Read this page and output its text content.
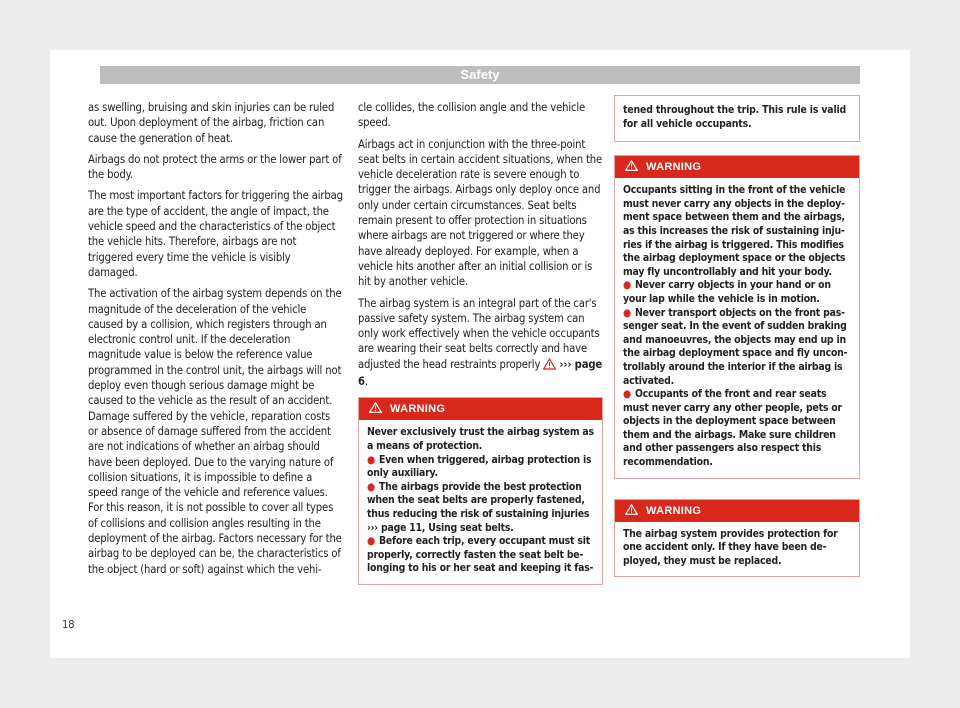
Safety

as swelling, bruising and skin injuries can be ruled out. Upon deployment of the airbag, friction can cause the generation of heat.

Airbags do not protect the arms or the lower part of the body.

The most important factors for triggering the airbag are the type of accident, the angle of impact, the vehicle speed and the characteristics of the object the vehicle hits. Therefore, airbags are not triggered every time the vehicle is visibly damaged.

The activation of the airbag system depends on the magnitude of the deceleration of the vehicle caused by a collision, which registers through an electronic control unit. If the deceleration magnitude value is below the reference value programmed in the control unit, the airbags will not deploy even though serious damage might be caused to the vehicle as the result of an accident. Damage suffered by the vehicle, reparation costs or absence of damage suffered from the accident are not indications of whether an airbag should have been deployed. Due to the varying nature of collision situations, it is impossible to define a speed range of the vehicle and reference values. For this reason, it is not possible to cover all types of collisions and collision angles resulting in the deployment of the airbag. Factors necessary for the airbag to be deployed can be, the characteristics of the object (hard or soft) against which the vehi-

cle collides, the collision angle and the vehicle speed.

Airbags act in conjunction with the three-point seat belts in certain accident situations, when the vehicle deceleration rate is severe enough to trigger the airbags. Airbags only deploy once and only under certain circumstances. Seat belts remain present to offer protection in situations where airbags are not triggered or where they have already deployed. For example, when a vehicle hits another after an initial collision or is hit by another vehicle.

The airbag system is an integral part of the car's passive safety system. The airbag system can only work effectively when the vehicle occupants are wearing their seat belts correctly and have adjusted the head restraints properly ››› page 6.

WARNING

Never exclusively trust the airbag system as a means of protection.

● Even when triggered, airbag protection is only auxiliary.
● The airbags provide the best protection when the seat belts are properly fastened, thus reducing the risk of sustaining injuries ››› page 11, Using seat belts.
● Before each trip, every occupant must sit properly, correctly fasten the seat belt belonging to his or her seat and keeping it fas-
tened throughout the trip. This rule is valid for all vehicle occupants.
WARNING

Occupants sitting in the front of the vehicle must never carry any objects in the deployment space between them and the airbags, as this increases the risk of sustaining injuries if the airbag is triggered. This modifies the airbag deployment space or the objects may fly uncontrollably and hit your body.

● Never carry objects in your hand or on your lap while the vehicle is in motion.
● Never transport objects on the front passenger seat. In the event of sudden braking and manoeuvres, the objects may end up in the airbag deployment space and fly uncontrollably around the interior if the airbag is activated.
● Occupants of the front and rear seats must never carry any other people, pets or objects in the deployment space between them and the airbags. Make sure children and other passengers also respect this recommendation.
WARNING

The airbag system provides protection for one accident only. If they have been deployed, they must be replaced.

18
